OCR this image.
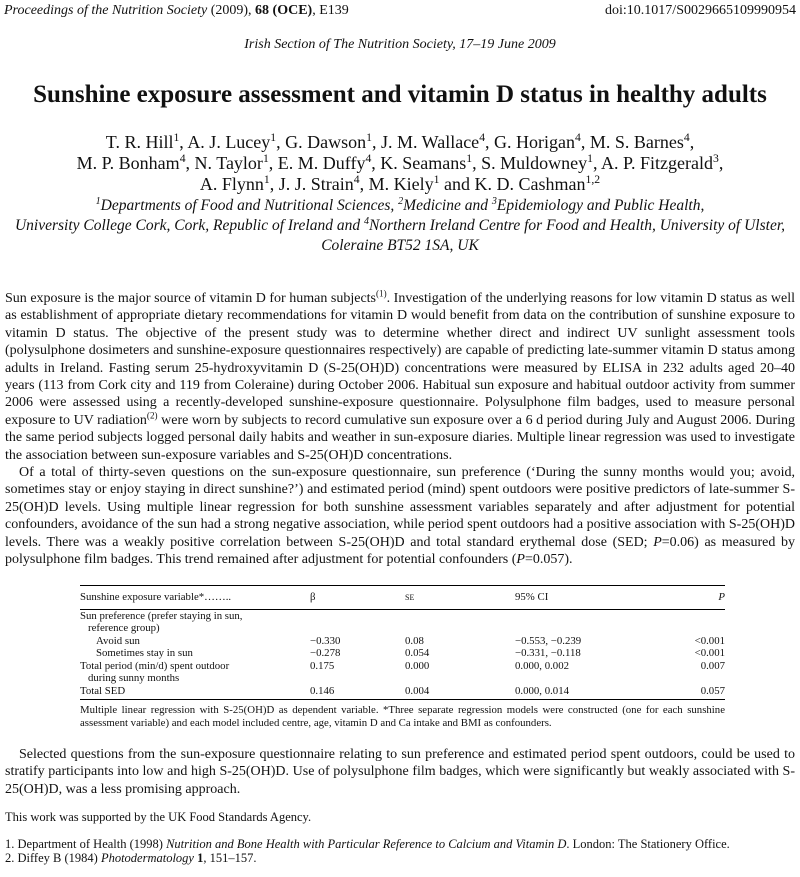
Proceedings of the Nutrition Society (2009), 68 (OCE), E139	doi:10.1017/S0029665109990954
Irish Section of The Nutrition Society, 17–19 June 2009
Sunshine exposure assessment and vitamin D status in healthy adults
T. R. Hill$^1$, A. J. Lucey$^1$, G. Dawson$^1$, J. M. Wallace$^4$, G. Horigan$^4$, M. S. Barnes$^4$,
M. P. Bonham$^4$, N. Taylor$^1$, E. M. Duffy$^4$, K. Seamans$^1$, S. Muldowney$^1$, A. P. Fitzgerald$^3$,
A. Flynn$^1$, J. J. Strain$^4$, M. Kiely$^1$ and K. D. Cashman$^{1,2}$
$^1$Departments of Food and Nutritional Sciences, $^2$Medicine and $^3$Epidemiology and Public Health,
University College Cork, Cork, Republic of Ireland and $^4$Northern Ireland Centre for Food and Health, University of Ulster,
Coleraine BT52 1SA, UK
Sun exposure is the major source of vitamin D for human subjects$^{(1)}$. Investigation of the underlying reasons for low vitamin D status as well as establishment of appropriate dietary recommendations for vitamin D would benefit from data on the contribution of sunshine exposure to vitamin D status. The objective of the present study was to determine whether direct and indirect UV sunlight assessment tools (polysulphone dosimeters and sunshine-exposure questionnaires respectively) are capable of predicting late-summer vitamin D status among adults in Ireland. Fasting serum 25-hydroxyvitamin D (S-25(OH)D) concentrations were measured by ELISA in 232 adults aged 20–40 years (113 from Cork city and 119 from Coleraine) during October 2006. Habitual sun exposure and habitual outdoor activity from summer 2006 were assessed using a recently-developed sunshine-exposure questionnaire. Polysulphone film badges, used to measure personal exposure to UV radiation$^{(2)}$ were worn by subjects to record cumulative sun exposure over a 6 d period during July and August 2006. During the same period subjects logged personal daily habits and weather in sun-exposure diaries. Multiple linear regression was used to investigate the association between sun-exposure variables and S-25(OH)D concentrations.
 Of a total of thirty-seven questions on the sun-exposure questionnaire, sun preference (‘During the sunny months would you; avoid, sometimes stay or enjoy staying in direct sunshine?’) and estimated period (mind) spent outdoors were positive predictors of late-summer S-25(OH)D levels. Using multiple linear regression for both sunshine assessment variables separately and after adjustment for potential confounders, avoidance of the sun had a strong negative association, while period spent outdoors had a positive association with S-25(OH)D levels. There was a weakly positive correlation between S-25(OH)D and total standard erythemal dose (SED; P=0.06) as measured by polysulphone film badges. This trend remained after adjustment for potential confounders (P=0.057).
Sunshine exposure variable*……..	β	se	95% CI	P
Sun preference (prefer staying in sun,				
reference group)				
Avoid sun	−0.330	0.08	−0.553, −0.239	<0.001
Sometimes stay in sun	−0.278	0.054	−0.331, −0.118	<0.001
Total period (min/d) spent outdoor	0.175	0.000	0.000, 0.002	0.007
during sunny months				
Total SED	0.146	0.004	0.000, 0.014	0.057
Multiple linear regression with S-25(OH)D as dependent variable. *Three separate regression models were constructed (one for each sunshine assessment variable) and each model included centre, age, vitamin D and Ca intake and BMI as confounders.
 Selected questions from the sun-exposure questionnaire relating to sun preference and estimated period spent outdoors, could be used to stratify participants into low and high S-25(OH)D. Use of polysulphone film badges, which were significantly but weakly associated with S-25(OH)D, was a less promising approach.
This work was supported by the UK Food Standards Agency.
1. Department of Health (1998) Nutrition and Bone Health with Particular Reference to Calcium and Vitamin D. London: The Stationery Office.
2. Diffey B (1984) Photodermatology 1, 151–157.
